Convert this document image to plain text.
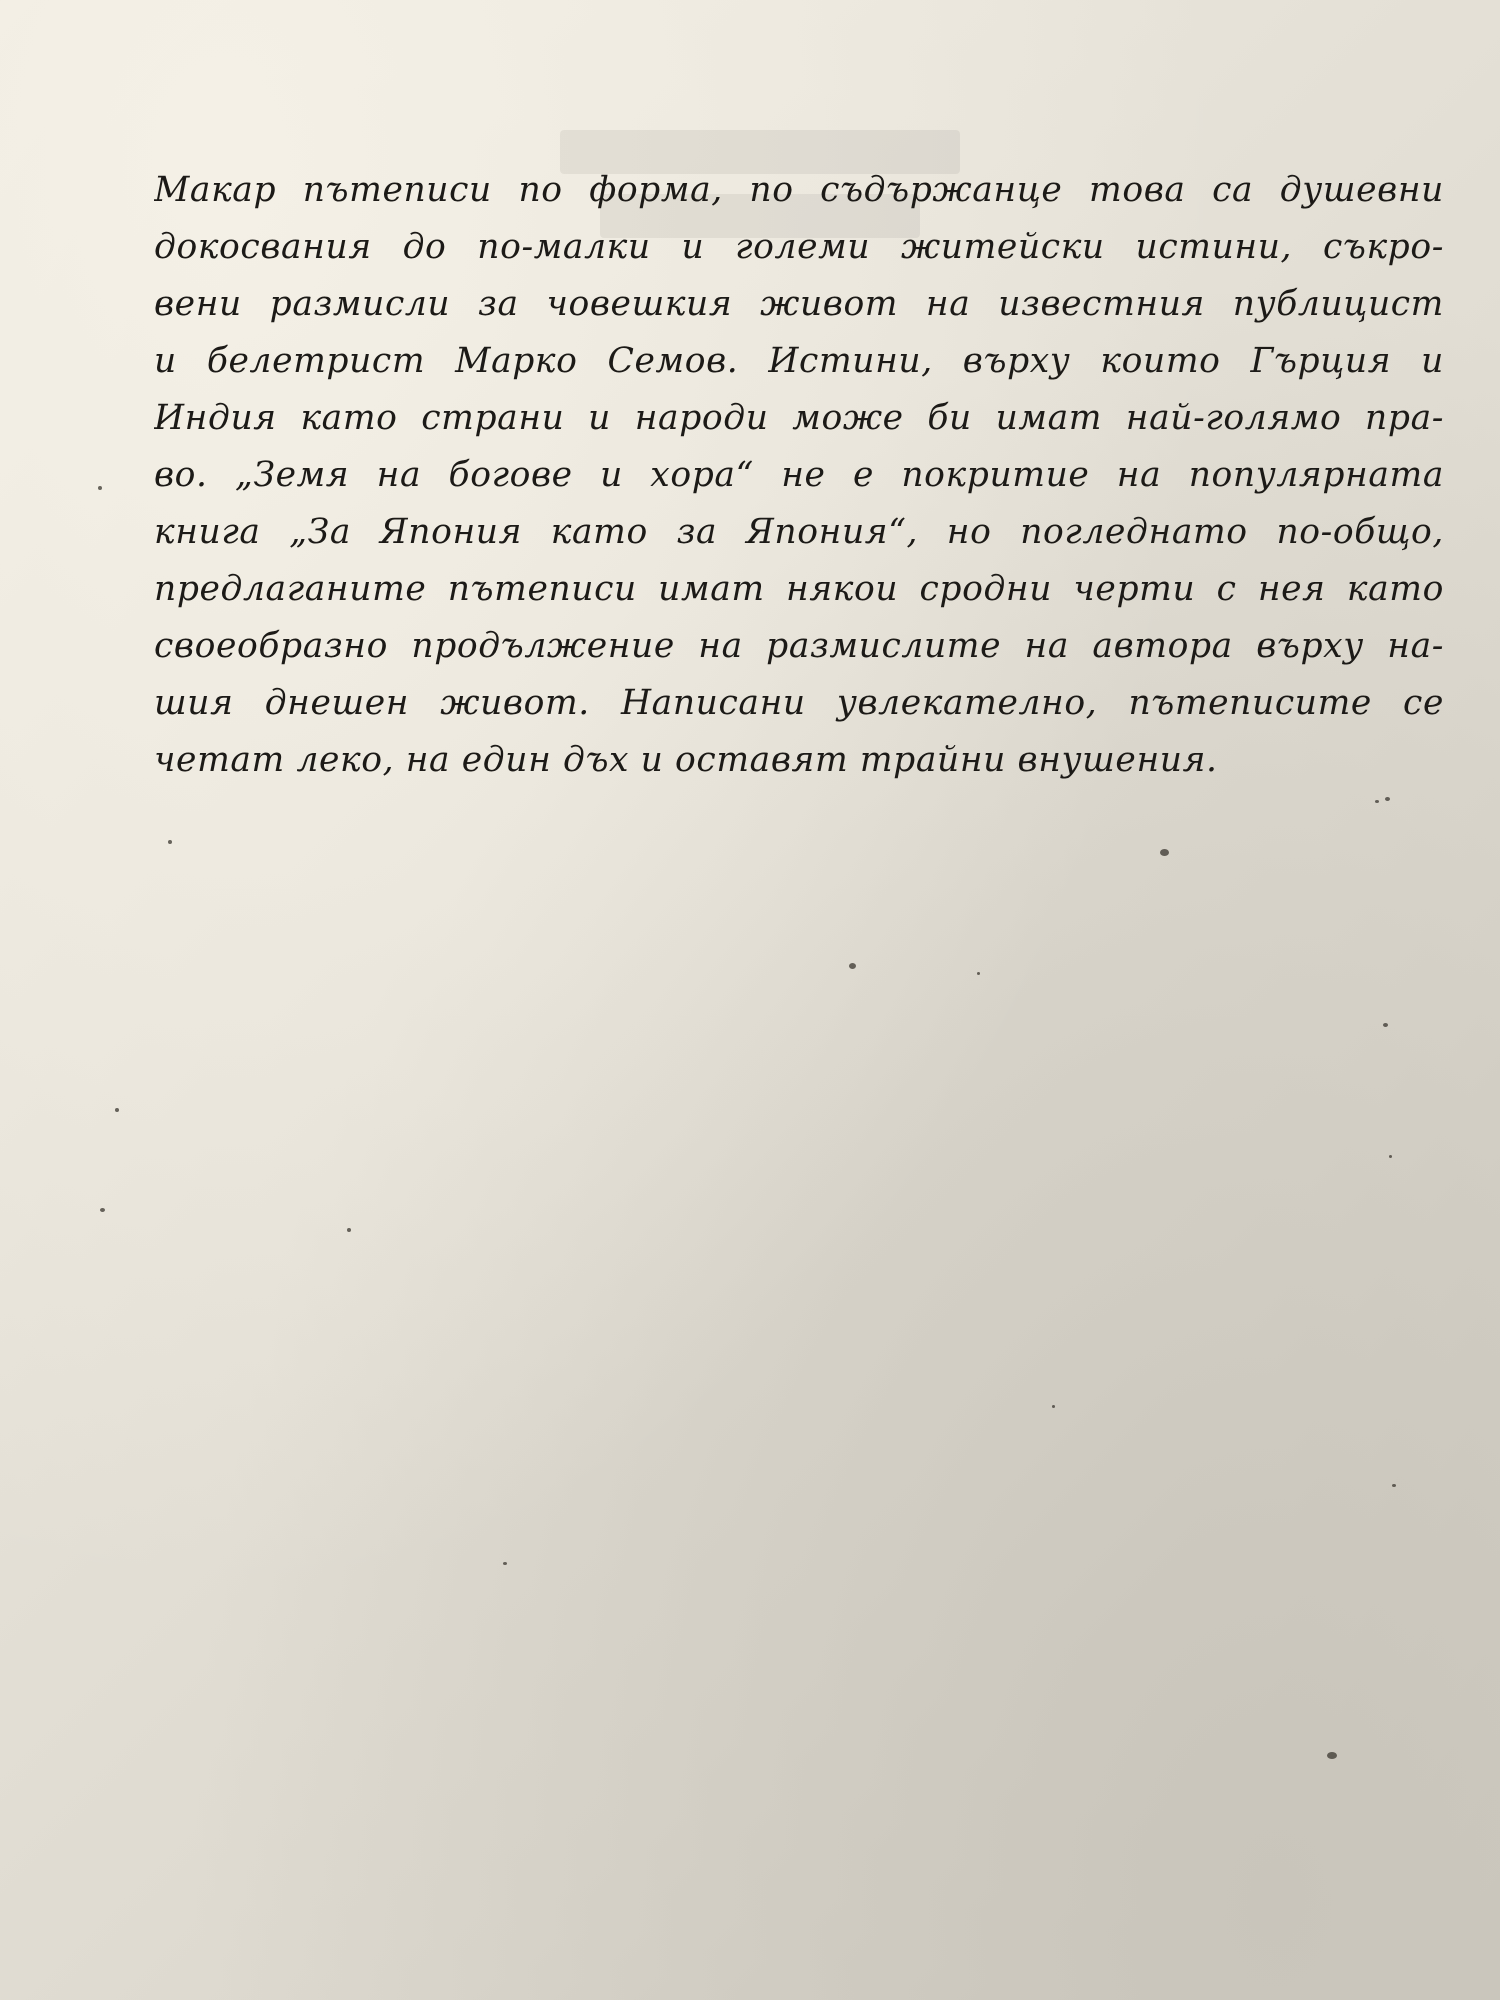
Макар пътеписи по форма, по съдържанце това са душевни
докосвания до по-малки и големи житейски истини, съкро-
вени размисли за човешкия живот на известния публицист
и белетрист Марко Семов. Истини, върху които Гърция и
Индия като страни и народи може би имат най-голямо пра-
во. „Земя на богове и хора“ не е покритие на популярната
книга „За Япония като за Япония“, но погледнато по-общо,
предлаганите пътеписи имат някои сродни черти с нея като
своеобразно продължение на размислите на автора върху на-
шия днешен живот. Написани увлекателно, пътеписите се
четат леко, на един дъх и оставят трайни внушения.
